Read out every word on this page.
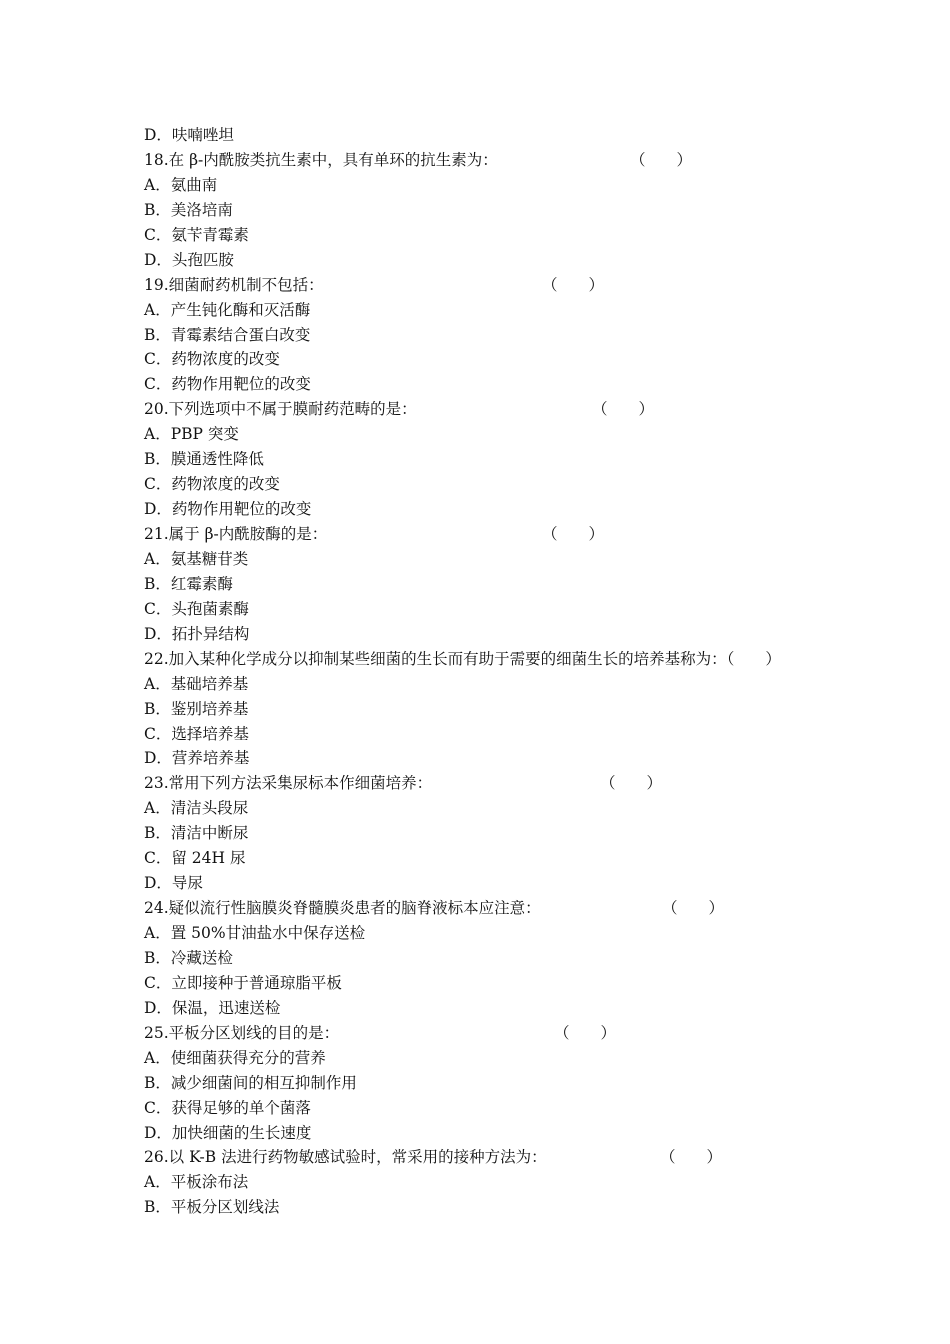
D．呋喃唑坦
18.在 β-内酰胺类抗生素中，具有单环的抗生素为：	（　　）
A．氨曲南
B．美洛培南
C．氨苄青霉素
D．头孢匹胺
19.细菌耐药机制不包括：	（　　）
A．产生钝化酶和灭活酶
B．青霉素结合蛋白改变
C．药物浓度的改变
C．药物作用靶位的改变
20.下列选项中不属于膜耐药范畴的是：	（　　）
A．PBP 突变
B．膜通透性降低
C．药物浓度的改变
D．药物作用靶位的改变
21.属于 β-内酰胺酶的是：	（　　）
A．氨基糖苷类
B．红霉素酶
C．头孢菌素酶
D．拓扑异结构
22.加入某种化学成分以抑制某些细菌的生长而有助于需要的细菌生长的培养基称为：（　　）
A．基础培养基
B．鉴别培养基
C．选择培养基
D．营养培养基
23.常用下列方法采集尿标本作细菌培养：	（　　）
A．清洁头段尿
B．清洁中断尿
C．留 24H 尿
D．导尿
24.疑似流行性脑膜炎脊髓膜炎患者的脑脊液标本应注意：	（　　）
A．置 50%甘油盐水中保存送检
B．冷藏送检
C．立即接种于普通琼脂平板
D．保温，迅速送检
25.平板分区划线的目的是：	（　　）
A．使细菌获得充分的营养
B．减少细菌间的相互抑制作用
C．获得足够的单个菌落
D．加快细菌的生长速度
26.以 K-B 法进行药物敏感试验时，常采用的接种方法为：	（　　）
A．平板涂布法
B．平板分区划线法
